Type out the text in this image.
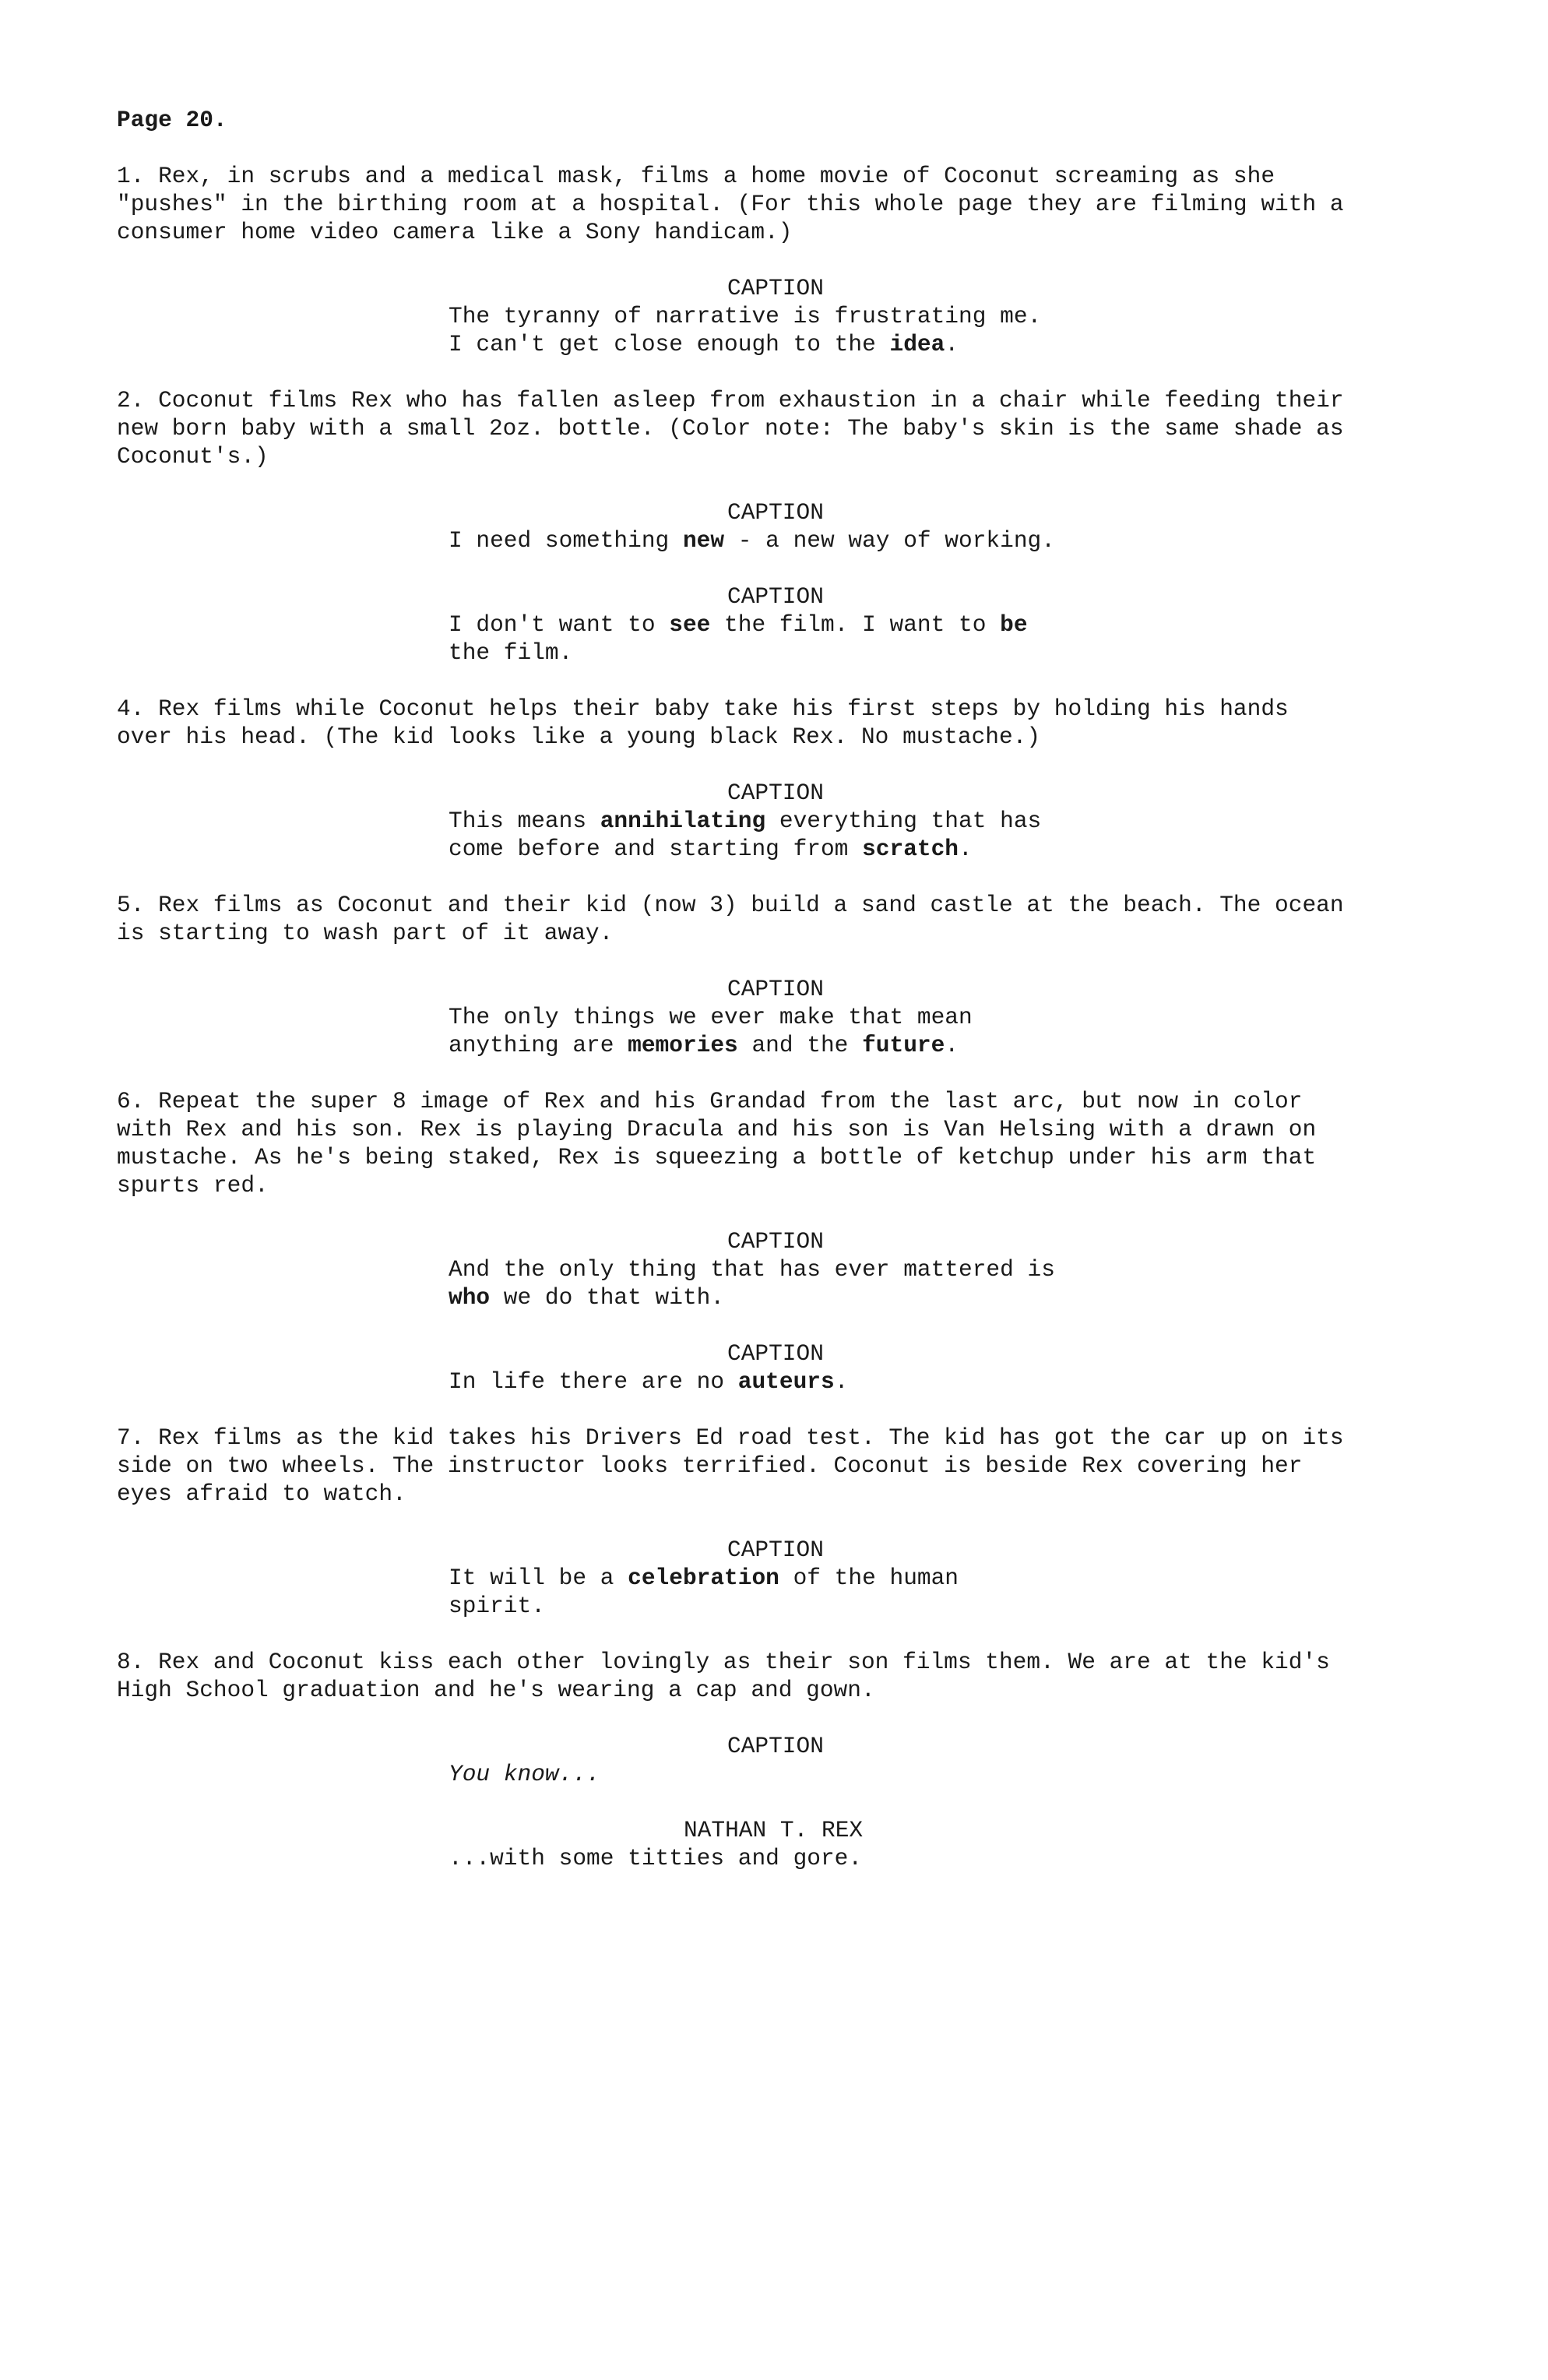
Page 20.
1. Rex, in scrubs and a medical mask, films a home movie of Coconut screaming as she
"pushes" in the birthing room at a hospital. (For this whole page they are filming with a
consumer home video camera like a Sony handicam.)
CAPTION
The tyranny of narrative is frustrating me.
I can't get close enough to the idea.
2. Coconut films Rex who has fallen asleep from exhaustion in a chair while feeding their
new born baby with a small 2oz. bottle. (Color note: The baby's skin is the same shade as
Coconut's.)
CAPTION
I need something new - a new way of working.
CAPTION
I don't want to see the film. I want to be
the film.
4. Rex films while Coconut helps their baby take his first steps by holding his hands
over his head. (The kid looks like a young black Rex. No mustache.)
CAPTION
This means annihilating everything that has
come before and starting from scratch.
5. Rex films as Coconut and their kid (now 3) build a sand castle at the beach. The ocean
is starting to wash part of it away.
CAPTION
The only things we ever make that mean
anything are memories and the future.
6. Repeat the super 8 image of Rex and his Grandad from the last arc, but now in color
with Rex and his son. Rex is playing Dracula and his son is Van Helsing with a drawn on
mustache. As he's being staked, Rex is squeezing a bottle of ketchup under his arm that
spurts red.
CAPTION
And the only thing that has ever mattered is
who we do that with.
CAPTION
In life there are no auteurs.
7. Rex films as the kid takes his Drivers Ed road test. The kid has got the car up on its
side on two wheels. The instructor looks terrified. Coconut is beside Rex covering her
eyes afraid to watch.
CAPTION
It will be a celebration of the human
spirit.
8. Rex and Coconut kiss each other lovingly as their son films them. We are at the kid's
High School graduation and he's wearing a cap and gown.
CAPTION
You know...
NATHAN T. REX
...with some titties and gore.
